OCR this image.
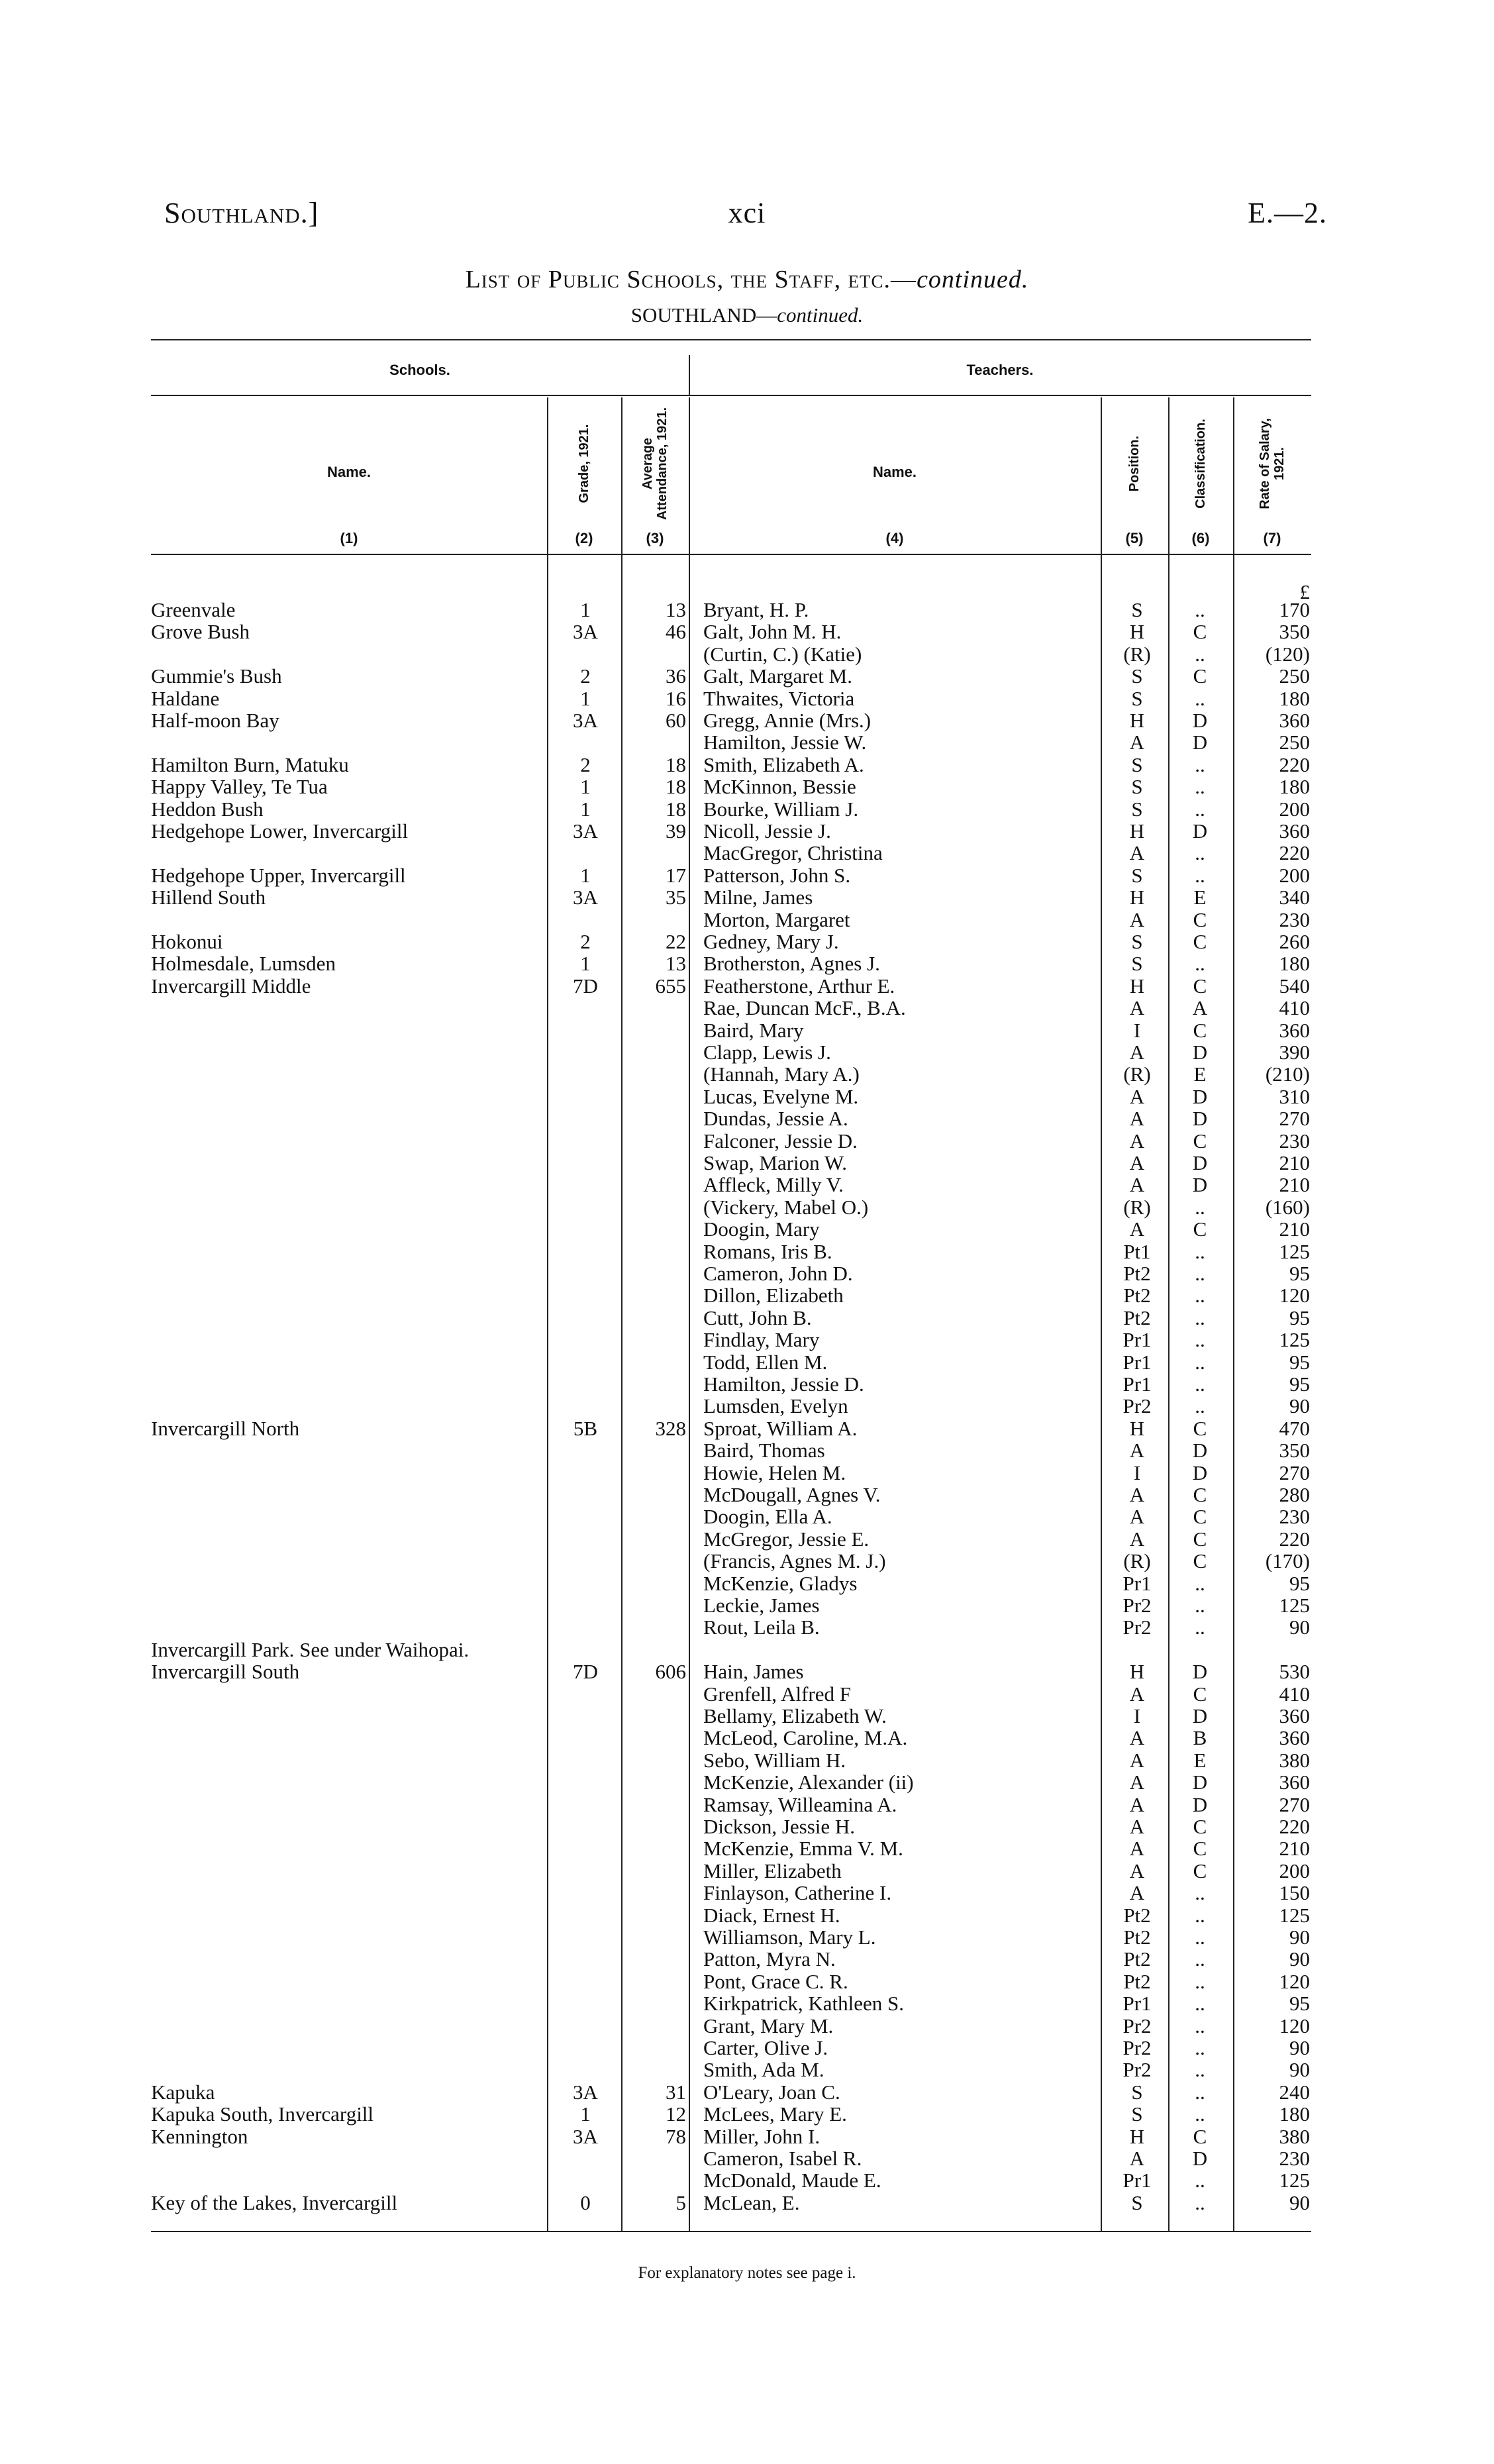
Southland.]	xci	E.—2.
List of Public Schools, the Staff, etc.—continued.
SOUTHLAND—continued.
Schools.	Teachers.
Name.	Grade, 1921.	Average Attendance, 1921.	Name.	Position.	Classification.	Rate of Salary, 1921.
(1)	(2)	(3)	(4)	(5)	(6)	(7)
£
Greenvale	1	13 Bryant, H. P.	S	..	170
Grove Bush	3A	46 Galt, John M. H.	H	C	350
(Curtin, C.) (Katie)	(R)	..	(120)
Gummie's Bush	2	36 Galt, Margaret M.	S	C	250
Haldane	1	16 Thwaites, Victoria	S	..	180
Half-moon Bay	3A	60 Gregg, Annie (Mrs.)	H	D	360
Hamilton, Jessie W.	A	D	250
Hamilton Burn, Matuku	2	18 Smith, Elizabeth A.	S	..	220
Happy Valley, Te Tua	1	18 McKinnon, Bessie	S	..	180
Heddon Bush	1	18 Bourke, William J.	S	..	200
Hedgehope Lower, Invercargill	3A	39 Nicoll, Jessie J.	H	D	360
MacGregor, Christina	A	..	220
Hedgehope Upper, Invercargill	1	17 Patterson, John S.	S	..	200
Hillend South	3A	35 Milne, James	H	E	340
Morton, Margaret	A	C	230
Hokonui	2	22 Gedney, Mary J.	S	C	260
Holmesdale, Lumsden	1	13 Brotherston, Agnes J.	S	..	180
Invercargill Middle	7D	655 Featherstone, Arthur E.	H	C	540
Rae, Duncan McF., B.A.	A	A	410
Baird, Mary	I	C	360
Clapp, Lewis J.	A	D	390
(Hannah, Mary A.)	(R)	E	(210)
Lucas, Evelyne M.	A	D	310
Dundas, Jessie A.	A	D	270
Falconer, Jessie D.	A	C	230
Swap, Marion W.	A	D	210
Affleck, Milly V.	A	D	210
(Vickery, Mabel O.)	(R)	..	(160)
Doogin, Mary	A	C	210
Romans, Iris B.	Pt1	..	125
Cameron, John D.	Pt2	..	95
Dillon, Elizabeth	Pt2	..	120
Cutt, John B.	Pt2	..	95
Findlay, Mary	Pr1	..	125
Todd, Ellen M.	Pr1	..	95
Hamilton, Jessie D.	Pr1	..	95
Lumsden, Evelyn	Pr2	..	90
Invercargill North	5B	328 Sproat, William A.	H	C	470
Baird, Thomas	A	D	350
Howie, Helen M.	I	D	270
McDougall, Agnes V.	A	C	280
Doogin, Ella A.	A	C	230
McGregor, Jessie E.	A	C	220
(Francis, Agnes M. J.)	(R)	C	(170)
McKenzie, Gladys	Pr1	..	95
Leckie, James	Pr2	..	125
Rout, Leila B.	Pr2	..	90
Invercargill Park. See under Waihopai.
Invercargill South	7D	606 Hain, James	H	D	530
Grenfell, Alfred F	A	C	410
Bellamy, Elizabeth W.	I	D	360
McLeod, Caroline, M.A.	A	B	360
Sebo, William H.	A	E	380
McKenzie, Alexander (ii)	A	D	360
Ramsay, Willeamina A.	A	D	270
Dickson, Jessie H.	A	C	220
McKenzie, Emma V. M.	A	C	210
Miller, Elizabeth	A	C	200
Finlayson, Catherine I.	A	..	150
Diack, Ernest H.	Pt2	..	125
Williamson, Mary L.	Pt2	..	90
Patton, Myra N.	Pt2	..	90
Pont, Grace C. R.	Pt2	..	120
Kirkpatrick, Kathleen S.	Pr1	..	95
Grant, Mary M.	Pr2	..	120
Carter, Olive J.	Pr2	..	90
Smith, Ada M.	Pr2	..	90
Kapuka	3A	31 O'Leary, Joan C.	S	..	240
Kapuka South, Invercargill	1	12 McLees, Mary E.	S	..	180
Kennington	3A	78 Miller, John I.	H	C	380
Cameron, Isabel R.	A	D	230
McDonald, Maude E.	Pr1	..	125
Key of the Lakes, Invercargill	0	5 McLean, E.	S	..	90
For explanatory notes see page i.
